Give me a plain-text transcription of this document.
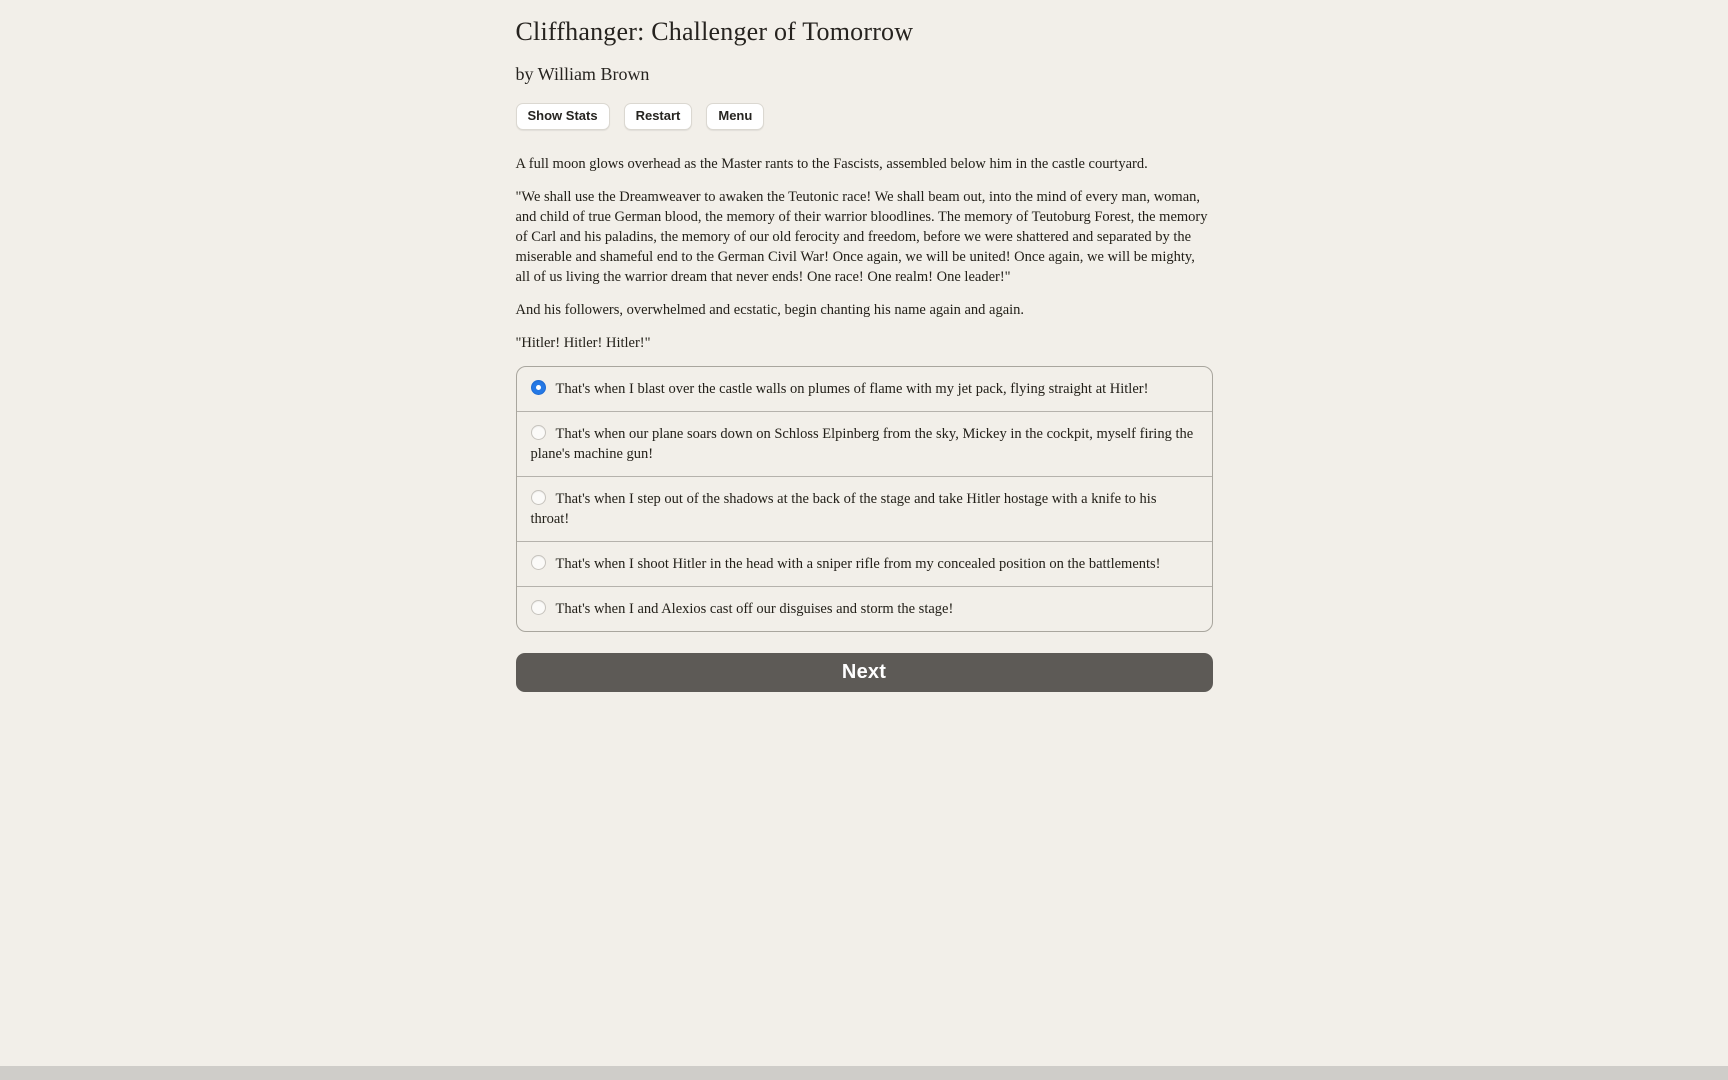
Cliffhanger: Challenger of Tomorrow
by William Brown
Show Stats	Restart	Menu

A full moon glows overhead as the Master rants to the Fascists, assembled below him in the castle courtyard.

"We shall use the Dreamweaver to awaken the Teutonic race! We shall beam out, into the mind of every man, woman, and child of true German blood, the memory of their warrior bloodlines. The memory of Teutoburg Forest, the memory of Carl and his paladins, the memory of our old ferocity and freedom, before we were shattered and separated by the miserable and shameful end to the German Civil War! Once again, we will be united! Once again, we will be mighty, all of us living the warrior dream that never ends! One race! One realm! One leader!"

And his followers, overwhelmed and ecstatic, begin chanting his name again and again.

"Hitler! Hitler! Hitler!"

That's when I blast over the castle walls on plumes of flame with my jet pack, flying straight at Hitler!
That's when our plane soars down on Schloss Elpinberg from the sky, Mickey in the cockpit, myself firing the plane's machine gun!
That's when I step out of the shadows at the back of the stage and take Hitler hostage with a knife to his throat!
That's when I shoot Hitler in the head with a sniper rifle from my concealed position on the battlements!
That's when I and Alexios cast off our disguises and storm the stage!
Next
